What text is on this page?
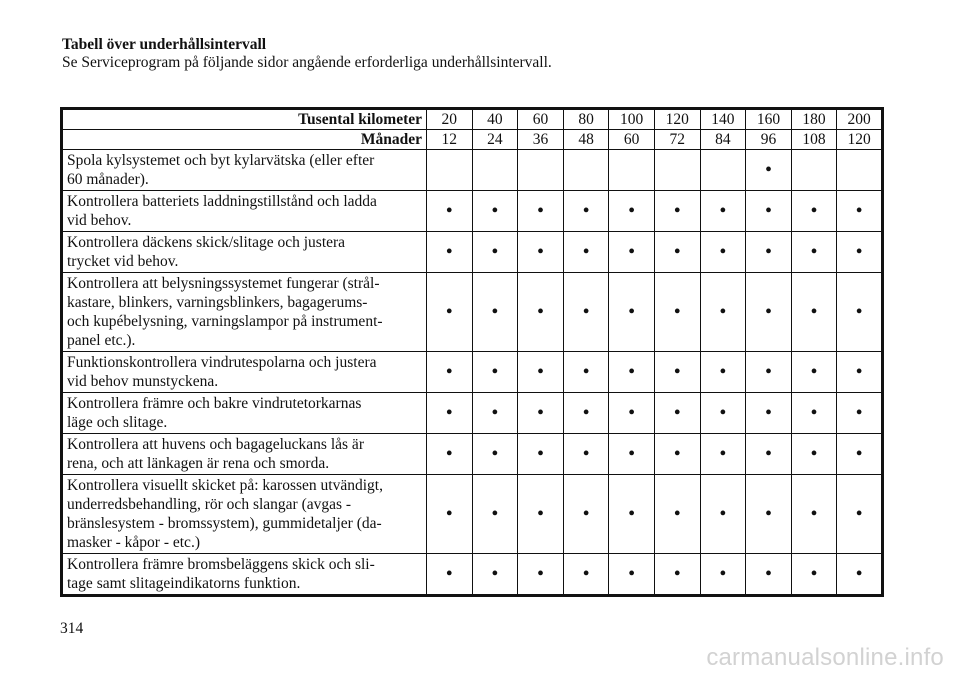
Tabell över underhållsintervall
Se Serviceprogram på följande sidor angående erforderliga underhållsintervall.
Tusental kilometer	20	40	60	80	100	120	140	160	180	200
Månader	12	24	36	48	60	72	84	96	108	120

Spola kylsystemet och byt kylarvätska (eller efter
60 månader).								•		

Kontrollera batteriets laddningstillstånd och ladda
vid behov.	•	•	•	•	•	•	•	•	•	•

Kontrollera däckens skick/slitage och justera
trycket vid behov.	•	•	•	•	•	•	•	•	•	•

Kontrollera att belysningssystemet fungerar (strål-
kastare, blinkers, varningsblinkers, bagagerums-
och kupébelysning, varningslampor på instrument-
panel etc.).	•	•	•	•	•	•	•	•	•	•

Funktionskontrollera vindrutespolarna och justera
vid behov munstyckena.	•	•	•	•	•	•	•	•	•	•

Kontrollera främre och bakre vindrutetorkarnas
läge och slitage.	•	•	•	•	•	•	•	•	•	•

Kontrollera att huvens och bagageluckans lås är
rena, och att länkagen är rena och smorda.	•	•	•	•	•	•	•	•	•	•

Kontrollera visuellt skicket på: karossen utvändigt,
underredsbehandling, rör och slangar (avgas -
bränslesystem - bromssystem), gummidetaljer (da-
masker - kåpor - etc.)	•	•	•	•	•	•	•	•	•	•

Kontrollera främre bromsbeläggens skick och sli-
tage samt slitageindikatorns funktion.	•	•	•	•	•	•	•	•	•	•
314
carmanualsonline.info
